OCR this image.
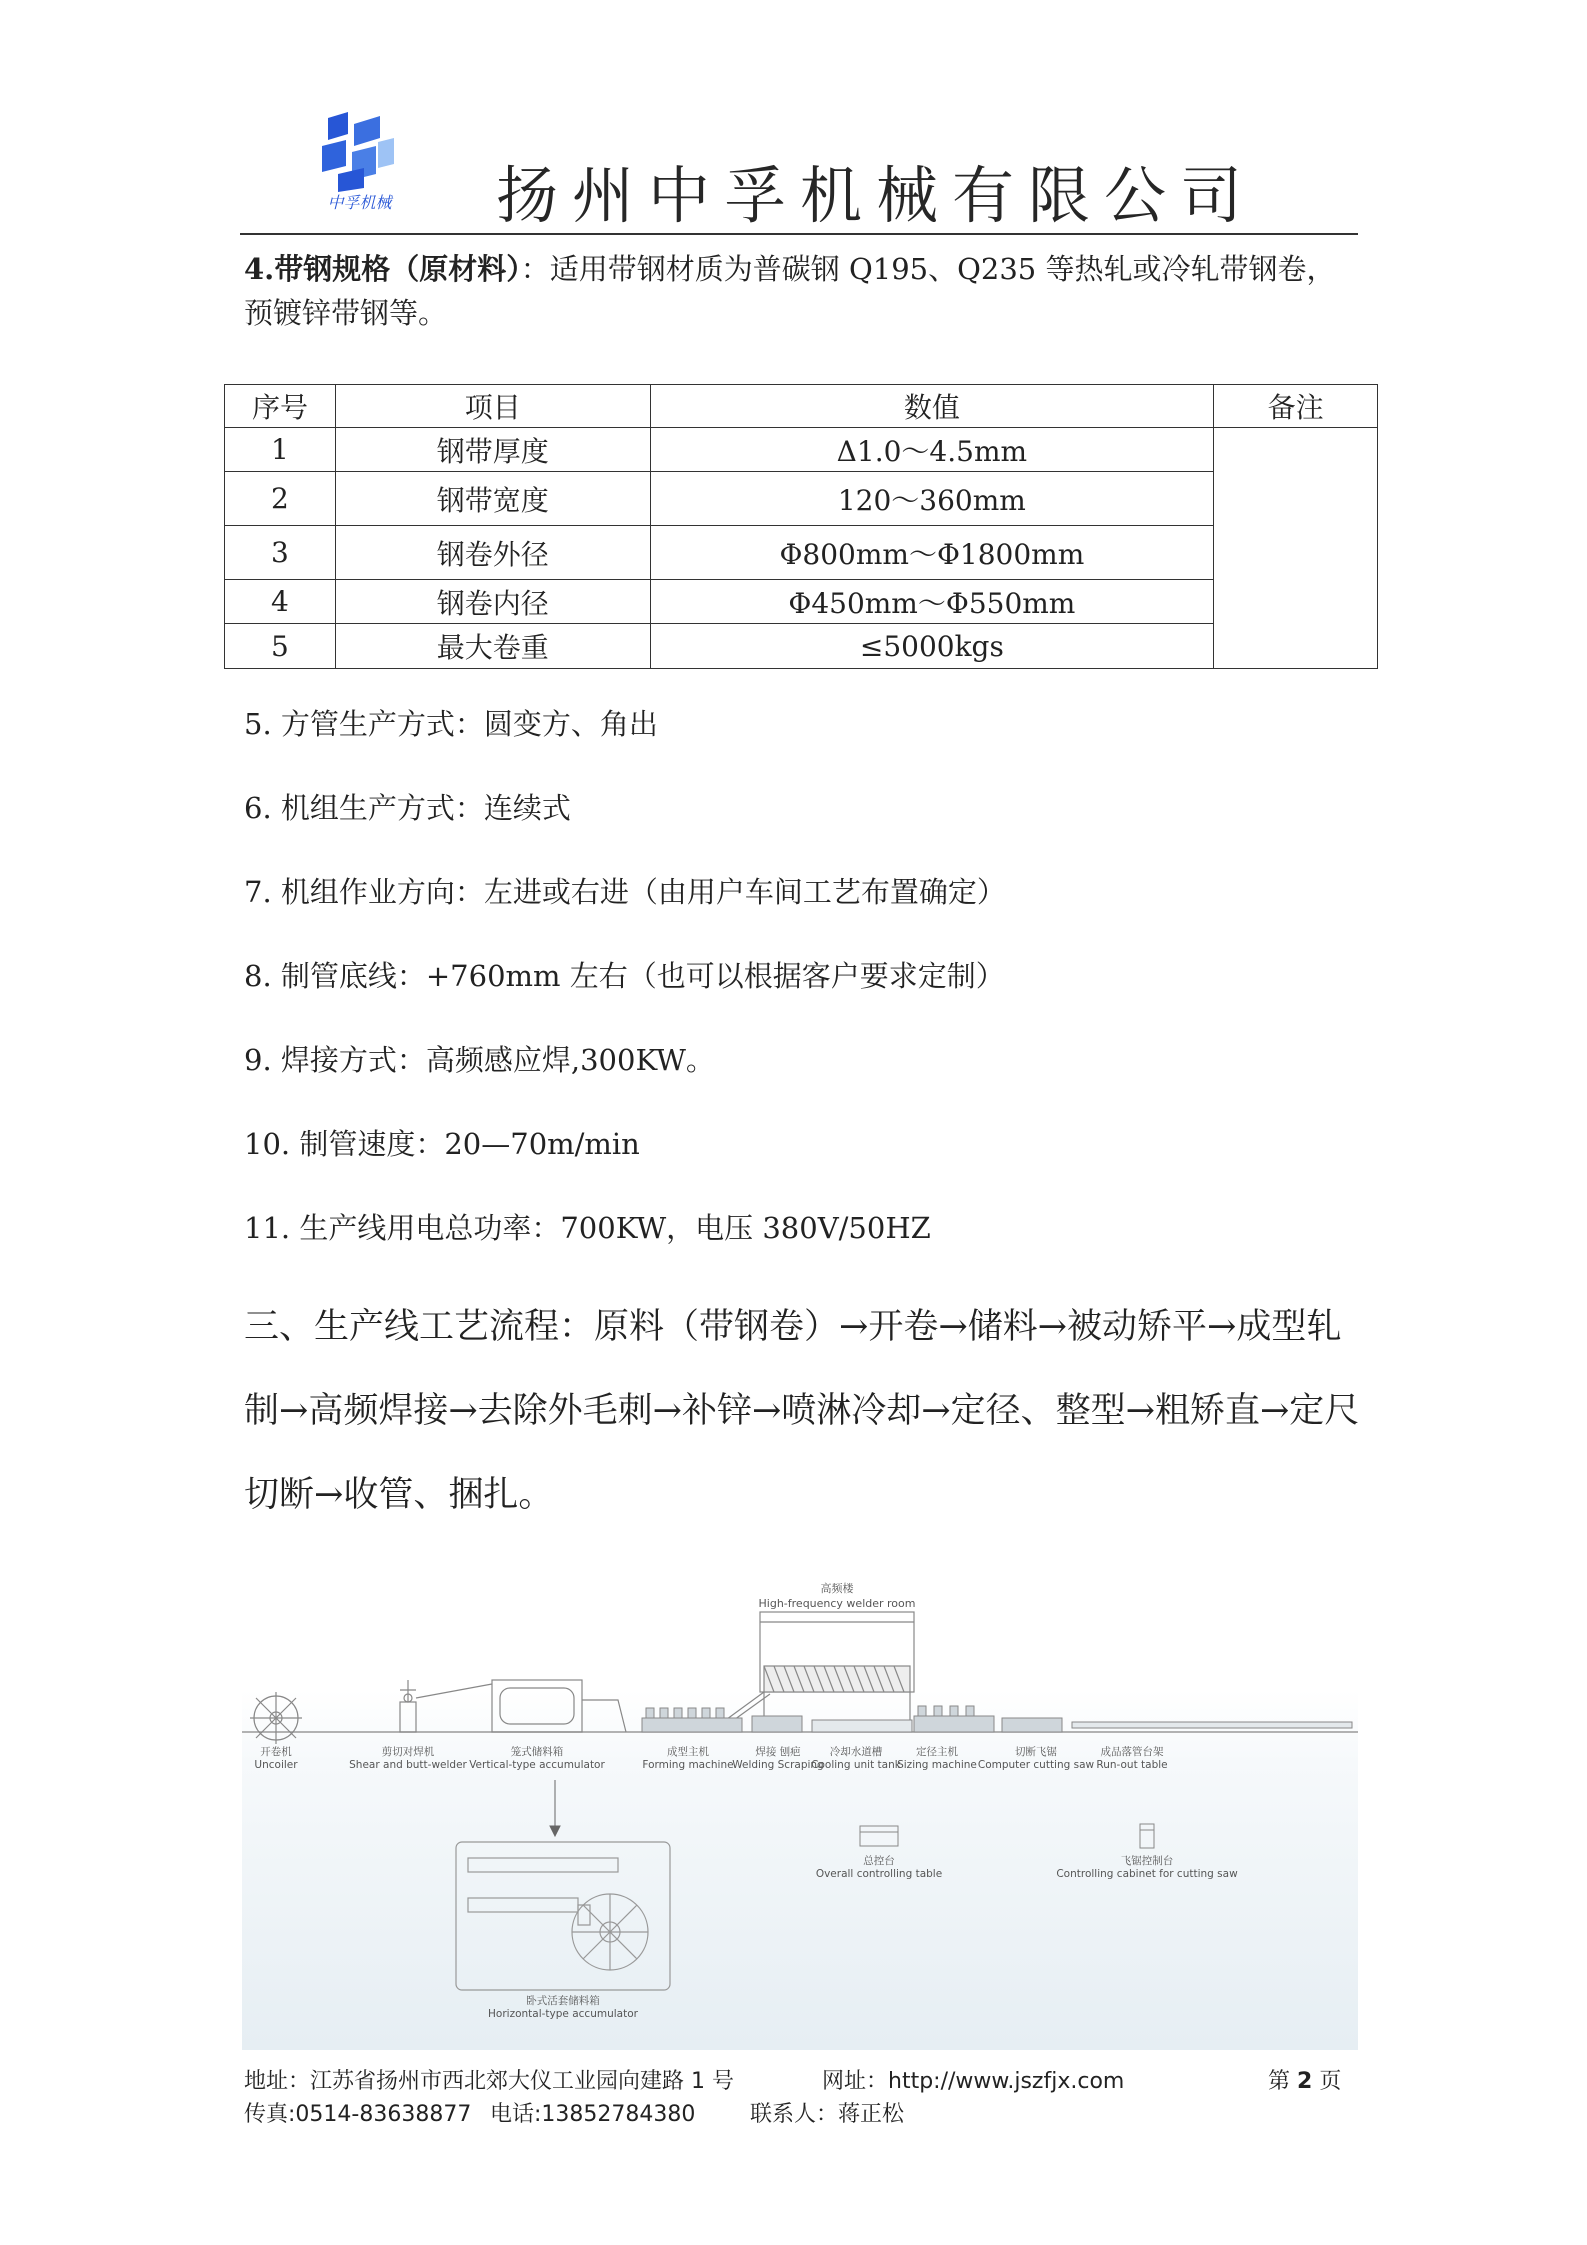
中孚机械 扬州中孚机械有限公司
4.带钢规格（原材料）：适用带钢材质为普碳钢 Q195、Q235 等热轧或冷轧带钢卷，预镀锌带钢等。
序号	项目	数值	备注
1	钢带厚度	Δ1.0～4.5mm	
2	钢带宽度	120～360mm	
3	钢卷外径	Φ800mm～Φ1800mm	
4	钢卷内径	Φ450mm～Φ550mm	
5	最大卷重	≤5000kgs	
5. 方管生产方式：圆变方、角出
6. 机组生产方式：连续式
7. 机组作业方向：左进或右进（由用户车间工艺布置确定）
8. 制管底线：+760mm 左右（也可以根据客户要求定制）
9. 焊接方式：高频感应焊,300KW。
10. 制管速度：20—70m/min
11. 生产线用电总功率：700KW，电压 380V/50HZ
三、生产线工艺流程：原料（带钢卷）→开卷→储料→被动矫平→成型轧制→高频焊接→去除外毛刺→补锌→喷淋冷却→定径、整型→粗矫直→定尺切断→收管、捆扎。
高频楼
High-frequency welder room
开卷机
Uncoiler
剪切对焊机
Shear and butt-welder
笼式储料箱
Vertical-type accumulator
成型主机
Forming machine
焊接 刨疤
Welding Scraping
冷却水道槽
Cooling unit tank
定径主机
Sizing machine
切断飞锯
Computer cutting saw
成品落管台架
Run-out table
总控台
Overall controlling table
飞锯控制台
Controlling cabinet for cutting saw
卧式活套储料箱
Horizontal-type accumulator
地址：江苏省扬州市西北郊大仪工业园向建路 1 号	网址：http://www.jszfjx.com	第 2 页
传真:0514-83638877 电话:13852784380 联系人：蒋正松
